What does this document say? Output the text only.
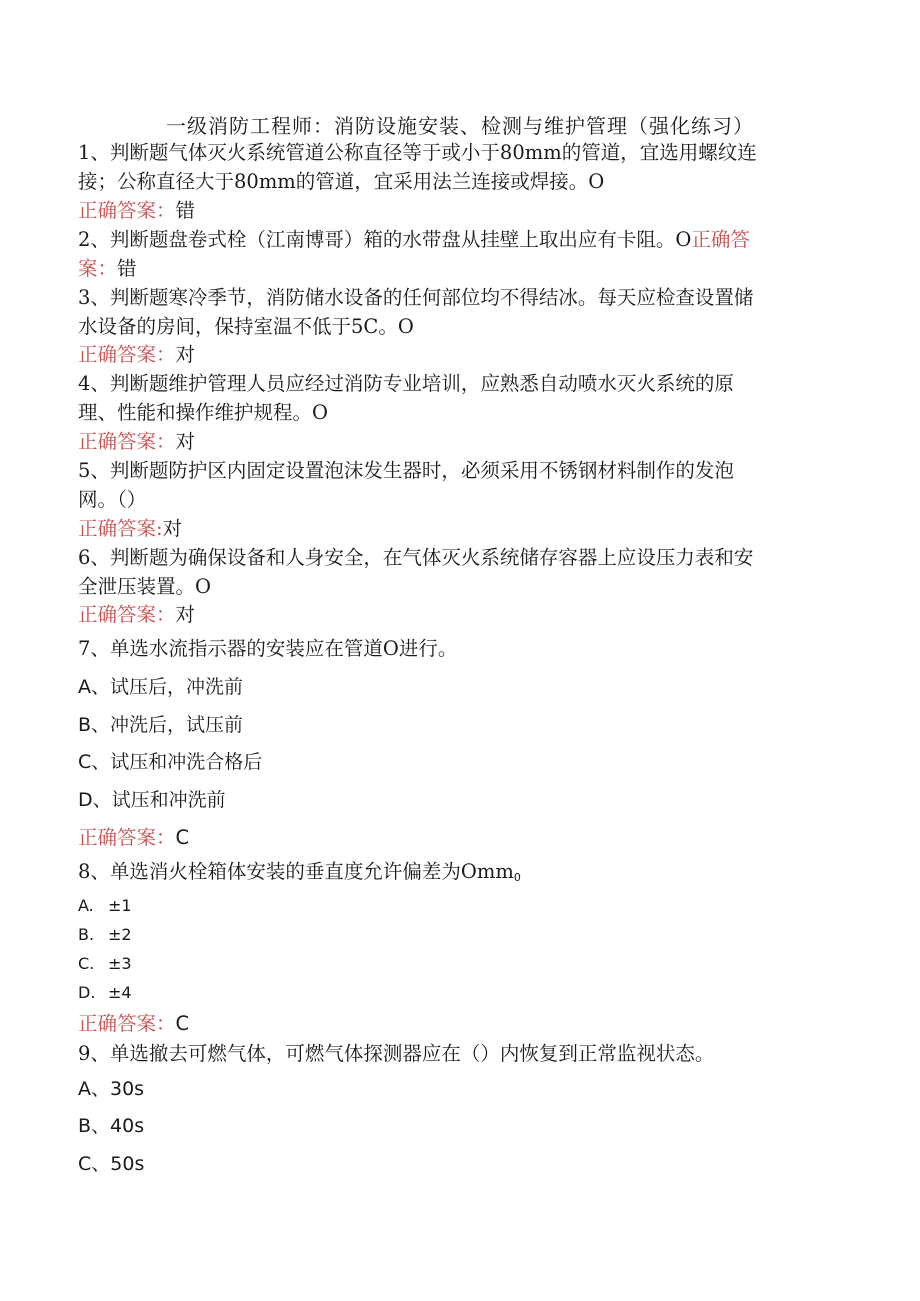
一级消防工程师：消防设施安装、检测与维护管理（强化练习）
1、判断题气体灭火系统管道公称直径等于或小于80mm的管道，宜选用螺纹连
接；公称直径大于80mm的管道，宜采用法兰连接或焊接。O
正确答案：错
2、判断题盘卷式栓（江南博哥）箱的水带盘从挂壁上取出应有卡阻。O正确答
案：错
3、判断题寒冷季节，消防储水设备的任何部位均不得结冰。每天应检查设置储
水设备的房间，保持室温不低于5C。O
正确答案：对
4、判断题维护管理人员应经过消防专业培训，应熟悉自动喷水灭火系统的原
理、性能和操作维护规程。O
正确答案：对
5、判断题防护区内固定设置泡沫发生器时，必须采用不锈钢材料制作的发泡
网。（）
正确答案:对
6、判断题为确保设备和人身安全，在气体灭火系统储存容器上应设压力表和安
全泄压装置。O
正确答案：对
7、单选水流指示器的安装应在管道O进行。
A、试压后，冲洗前
B、冲洗后，试压前
C、试压和冲洗合格后
D、试压和冲洗前
正确答案：C
8、单选消火栓箱体安装的垂直度允许偏差为Omm$_0$
A. ±1
B. ±2
C. ±3
D. ±4
正确答案：C
9、单选撤去可燃气体，可燃气体探测器应在（）内恢复到正常监视状态。
A、30s
B、40s
C、50s
